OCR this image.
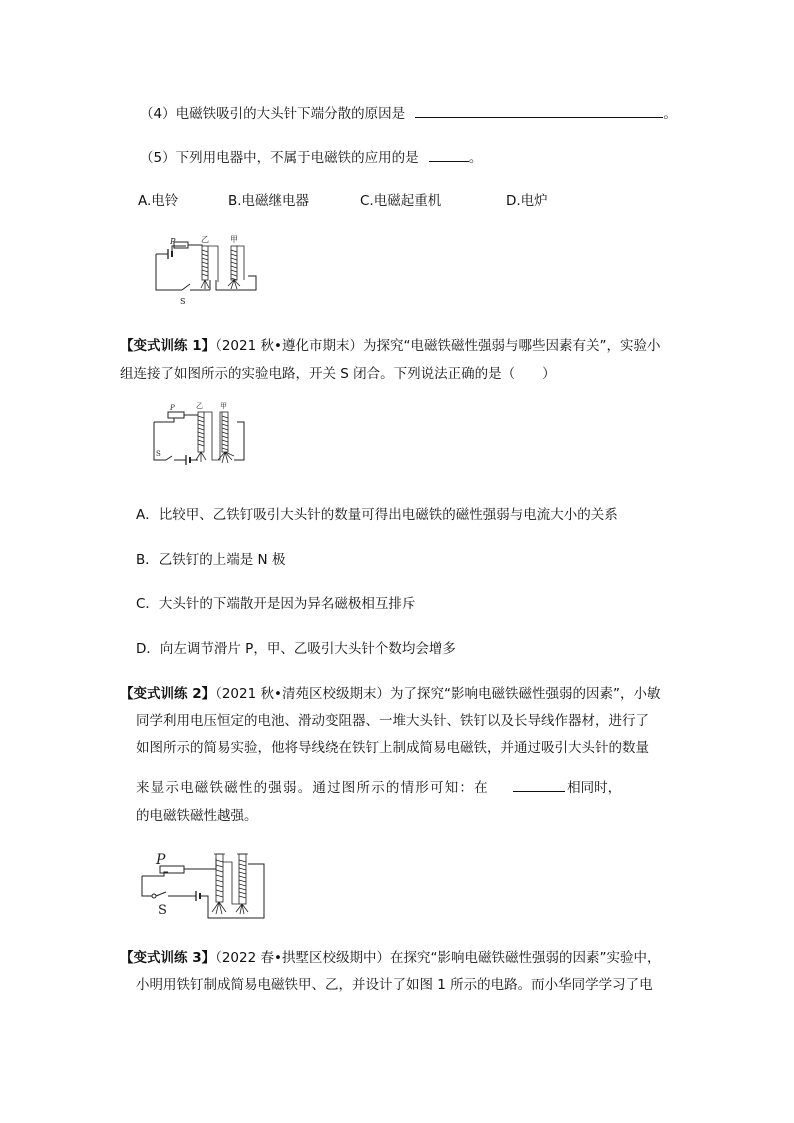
（4）电磁铁吸引的大头针下端分散的原因是	。
（5）下列用电器中，不属于电磁铁的应用的是	。
A.电铃	B.电磁继电器	C.电磁起重机	D.电炉
P	乙	甲
S
【变式训练 1】（2021 秋•遵化市期末）为探究“电磁铁磁性强弱与哪些因素有关”，实验小
组连接了如图所示的实验电路，开关 S 闭合。下列说法正确的是（　　）
P	乙 甲
S
A．比较甲、乙铁钉吸引大头针的数量可得出电磁铁的磁性强弱与电流大小的关系
B．乙铁钉的上端是 N 极
C．大头针的下端散开是因为异名磁极相互排斥
D．向左调节滑片 P，甲、乙吸引大头针个数均会增多
【变式训练 2】（2021 秋•清苑区校级期末）为了探究“影响电磁铁磁性强弱的因素”，小敏
同学利用电压恒定的电池、滑动变阻器、一堆大头针、铁钉以及长导线作器材，进行了
如图所示的简易实验，他将导线绕在铁钉上制成简易电磁铁，并通过吸引大头针的数量
来显示电磁铁磁性的强弱。通过图所示的情形可知：在	相同时，
的电磁铁磁性越强。
P
S
【变式训练 3】（2022 春•拱墅区校级期中）在探究“影响电磁铁磁性强弱的因素”实验中，
小明用铁钉制成简易电磁铁甲、乙，并设计了如图 1 所示的电路。而小华同学学习了电
